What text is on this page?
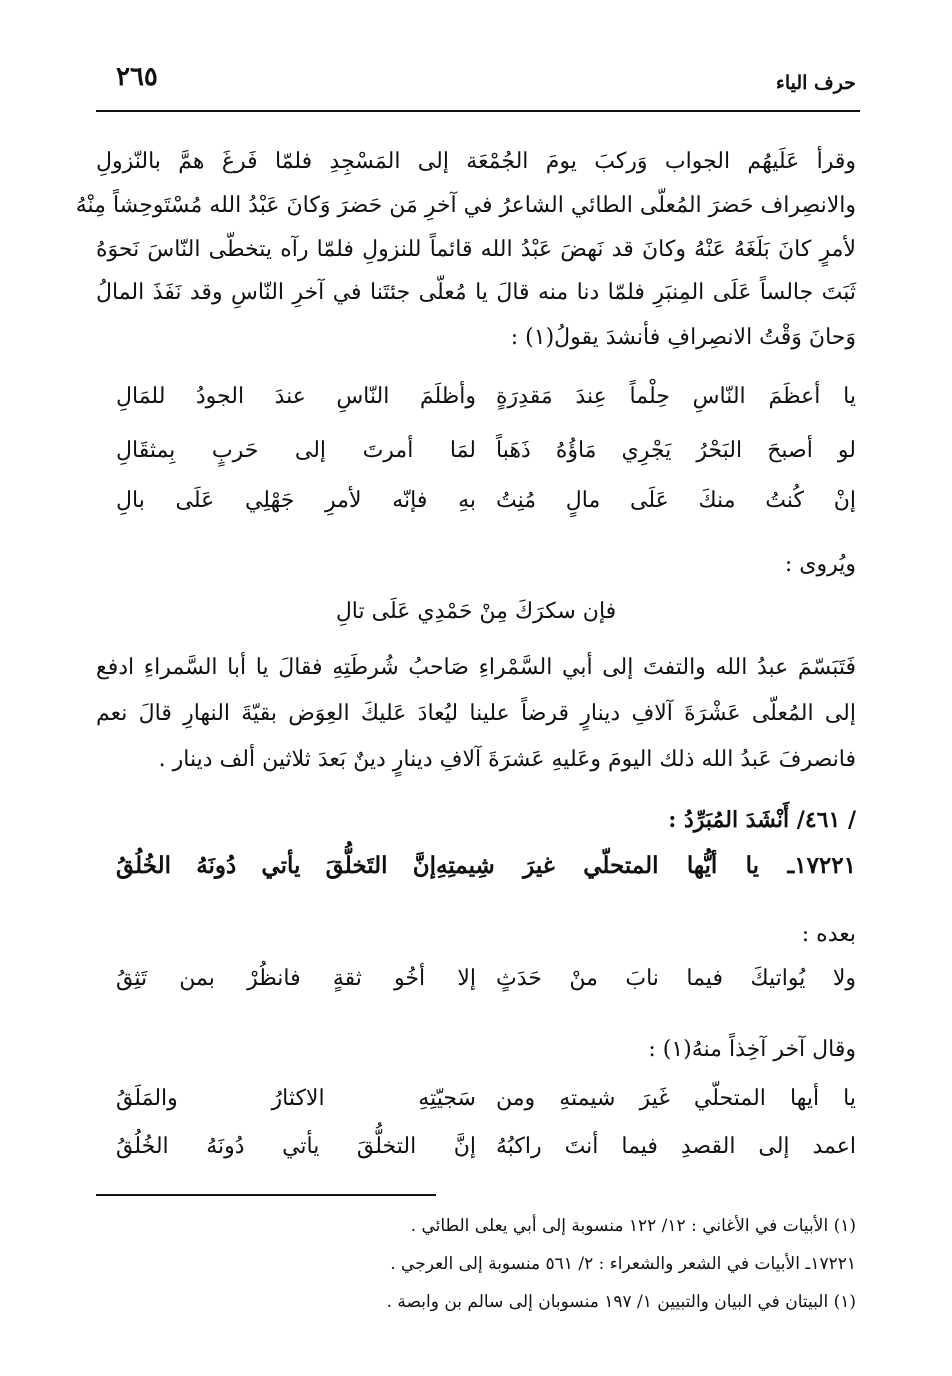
حرف الياء
٢٦٥
وقرأ عَلَيهُم الجواب وَركبَ يومَ الجُمْعَة إلى المَسْجِدِ فلمّا فَرغَ همَّ بالنّزولِ
والانصِراف حَضرَ المُعلّى الطائي الشاعرُ في آخرِ مَن حَضرَ وَكانَ عَبْدُ الله مُسْتَوحِشاً مِنْهُ
لأمرٍ كانَ بَلَغَهُ عَنْهُ وكانَ قد نَهضَ عَبْدُ الله قائماً للنزولِ فلمّا رآه يتخطّى النّاسَ نَحوَهُ
ثَبَتَ جالساً عَلَى المِنبَرِ فلمّا دنا منه قالَ يا مُعلّى جئتَنا في آخرِ النّاسِ وقد نَفَذَ المالُ
وَحانَ وَقْتُ الانصِرافِ فأنشدَ يقولُ(١) :
يا أعظَمَ النّاسِ حِلْماً عِندَ مَقدِرَةٍ
وأظلَمَ النّاسِ عندَ الجودُ للمَالِ
لو أصبحَ البَحْرُ يَجْرِي مَاؤُهُ ذَهَباً
لمَا أمرتَ إلى حَربٍ بِمثقَالِ
إنْ كُنتُ منكَ عَلَى مالٍ مُنِتُ
بهِ فإنّه لأمرِ جَهْلِي عَلَى بالِ
ويُروى :
فإن سكرَكَ مِنْ حَمْدِي عَلَى تالِ
فَتَبَسّمَ عبدُ الله والتفتَ إلى أبي السَّمْراءِ صَاحبُ شُرطَتِهِ فقالَ يا أبا السَّمراءِ ادفع
إلى المُعلّى عَشْرَةَ آلافِ دينارٍ قرضاً علينا ليُعادَ عَليكَ العِوَض بقيّةَ النهارِ قالَ نعم
فانصرفَ عَبدُ الله ذلك اليومَ وعَليهِ عَشرَةَ آلافِ دينارٍ دينٌ بَعدَ ثلاثين ألف دينار .
/ ٤٦١/ أَنْشَدَ المُبَرِّدُ :
١٧٢٢١ـ يا أيُّها المتحلّي غيرَ شِيمتِهِ
إنَّ التَخلُّقَ يأتي دُونَهُ الخُلُقُ
بعده :
ولا يُواتيكَ فيما نابَ منْ حَدَثٍ
إلا أخُو ثقةٍ فانظُرْ بمن تَثِقُ
وقال آخر آخِذاً منهُ(١) :
يا أيها المتحلّي غَيرَ شيمتهِ ومن
سَجيّتِهِ الاكثارُ والمَلَقُ
اعمد إلى القصدِ فيما أنتَ راكبُهُ
إنَّ التخلُّقَ يأتي دُونَهُ الخُلُقُ
(١) الأبيات في الأغاني : ١٢/ ١٢٢ منسوبة إلى أبي يعلى الطائي .
١٧٢٢١ـ الأبيات في الشعر والشعراء : ٢/ ٥٦١ منسوبة إلى العرجي .
(١) البيتان في البيان والتبيين ١/ ١٩٧ منسوبان إلى سالم بن وابصة .
